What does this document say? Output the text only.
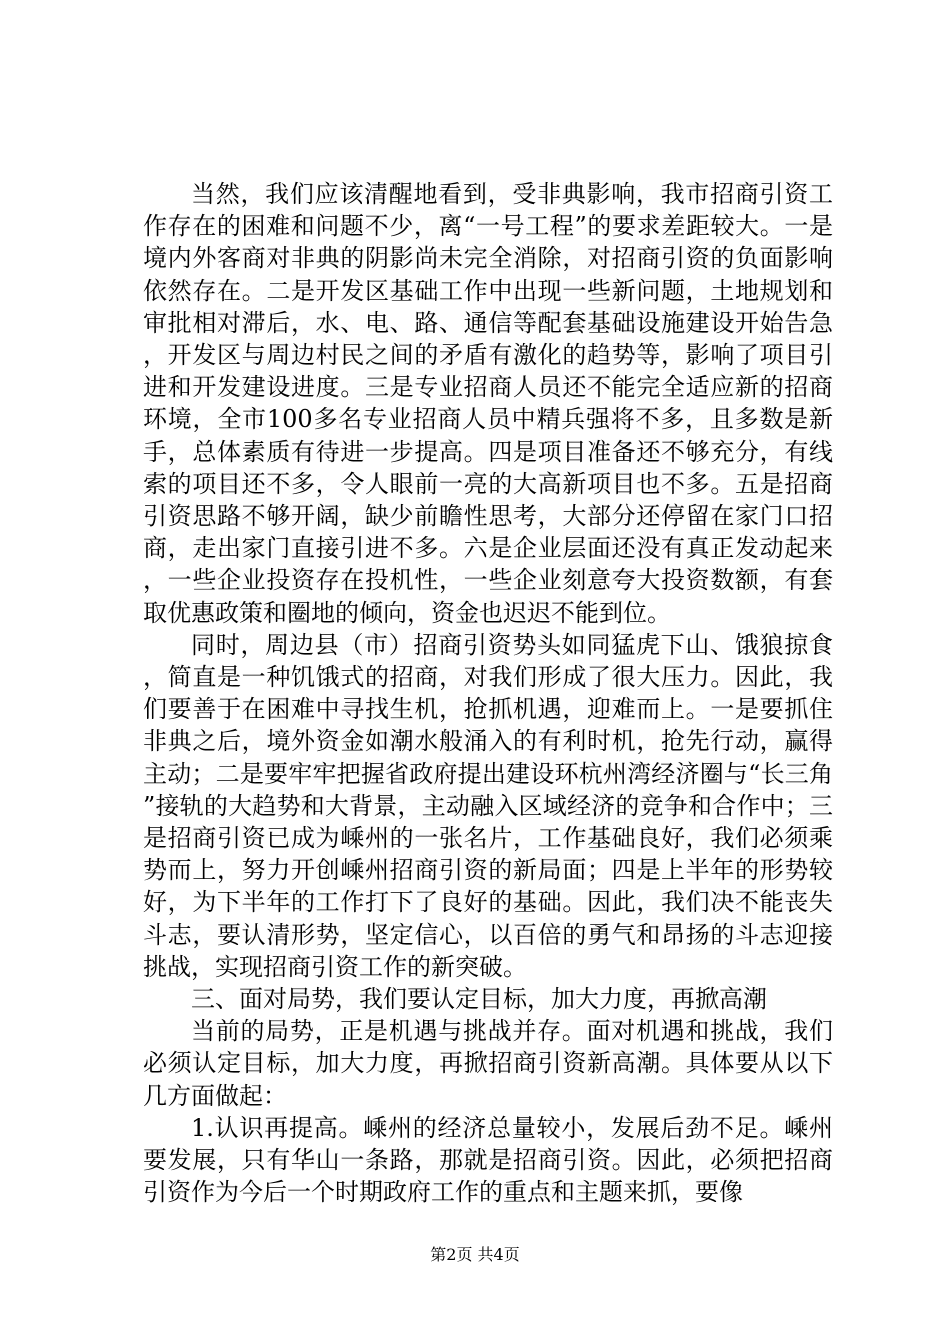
当然，我们应该清醒地看到，受非典影响，我市招商引资工作存在的困难和问题不少，离“一号工程”的要求差距较大。一是境内外客商对非典的阴影尚未完全消除，对招商引资的负面影响依然存在。二是开发区基础工作中出现一些新问题，土地规划和审批相对滞后，水、电、路、通信等配套基础设施建设开始告急，开发区与周边村民之间的矛盾有激化的趋势等，影响了项目引进和开发建设进度。三是专业招商人员还不能完全适应新的招商环境，全市100多名专业招商人员中精兵强将不多，且多数是新手，总体素质有待进一步提高。四是项目准备还不够充分，有线索的项目还不多，令人眼前一亮的大高新项目也不多。五是招商引资思路不够开阔，缺少前瞻性思考，大部分还停留在家门口招商，走出家门直接引进不多。六是企业层面还没有真正发动起来，一些企业投资存在投机性，一些企业刻意夸大投资数额，有套取优惠政策和圈地的倾向，资金也迟迟不能到位。

同时，周边县（市）招商引资势头如同猛虎下山、饿狼掠食，简直是一种饥饿式的招商，对我们形成了很大压力。因此，我们要善于在困难中寻找生机，抢抓机遇，迎难而上。一是要抓住非典之后，境外资金如潮水般涌入的有利时机，抢先行动，赢得主动；二是要牢牢把握省政府提出建设环杭州湾经济圈与“长三角”接轨的大趋势和大背景，主动融入区域经济的竞争和合作中；三是招商引资已成为嵊州的一张名片，工作基础良好，我们必须乘势而上，努力开创嵊州招商引资的新局面；四是上半年的形势较好，为下半年的工作打下了良好的基础。因此，我们决不能丧失斗志，要认清形势，坚定信心，以百倍的勇气和昂扬的斗志迎接挑战，实现招商引资工作的新突破。

三、面对局势，我们要认定目标，加大力度，再掀高潮

当前的局势，正是机遇与挑战并存。面对机遇和挑战，我们必须认定目标，加大力度，再掀招商引资新高潮。具体要从以下几方面做起：

1.认识再提高。嵊州的经济总量较小，发展后劲不足。嵊州要发展，只有华山一条路，那就是招商引资。因此，必须把招商引资作为今后一个时期政府工作的重点和主题来抓，要像

第2页 共4页
